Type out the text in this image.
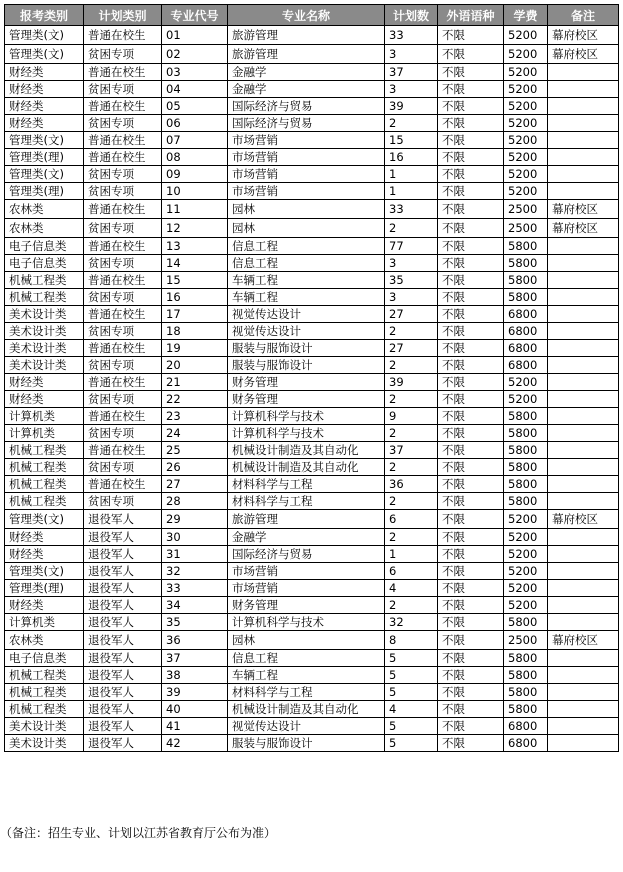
报考类别	计划类别	专业代号	专业名称	计划数	外语语种	学费	备注
管理类(文)	普通在校生	01	旅游管理	33	不限	5200	幕府校区
管理类(文)	贫困专项	02	旅游管理	3	不限	5200	幕府校区
财经类	普通在校生	03	金融学	37	不限	5200	
财经类	贫困专项	04	金融学	3	不限	5200	
财经类	普通在校生	05	国际经济与贸易	39	不限	5200	
财经类	贫困专项	06	国际经济与贸易	2	不限	5200	
管理类(文)	普通在校生	07	市场营销	15	不限	5200	
管理类(理)	普通在校生	08	市场营销	16	不限	5200	
管理类(文)	贫困专项	09	市场营销	1	不限	5200	
管理类(理)	贫困专项	10	市场营销	1	不限	5200	
农林类	普通在校生	11	园林	33	不限	2500	幕府校区
农林类	贫困专项	12	园林	2	不限	2500	幕府校区
电子信息类	普通在校生	13	信息工程	77	不限	5800	
电子信息类	贫困专项	14	信息工程	3	不限	5800	
机械工程类	普通在校生	15	车辆工程	35	不限	5800	
机械工程类	贫困专项	16	车辆工程	3	不限	5800	
美术设计类	普通在校生	17	视觉传达设计	27	不限	6800	
美术设计类	贫困专项	18	视觉传达设计	2	不限	6800	
美术设计类	普通在校生	19	服装与服饰设计	27	不限	6800	
美术设计类	贫困专项	20	服装与服饰设计	2	不限	6800	
财经类	普通在校生	21	财务管理	39	不限	5200	
财经类	贫困专项	22	财务管理	2	不限	5200	
计算机类	普通在校生	23	计算机科学与技术	9	不限	5800	
计算机类	贫困专项	24	计算机科学与技术	2	不限	5800	
机械工程类	普通在校生	25	机械设计制造及其自动化	37	不限	5800	
机械工程类	贫困专项	26	机械设计制造及其自动化	2	不限	5800	
机械工程类	普通在校生	27	材料科学与工程	36	不限	5800	
机械工程类	贫困专项	28	材料科学与工程	2	不限	5800	
管理类(文)	退役军人	29	旅游管理	6	不限	5200	幕府校区
财经类	退役军人	30	金融学	2	不限	5200	
财经类	退役军人	31	国际经济与贸易	1	不限	5200	
管理类(文)	退役军人	32	市场营销	6	不限	5200	
管理类(理)	退役军人	33	市场营销	4	不限	5200	
财经类	退役军人	34	财务管理	2	不限	5200	
计算机类	退役军人	35	计算机科学与技术	32	不限	5800	
农林类	退役军人	36	园林	8	不限	2500	幕府校区
电子信息类	退役军人	37	信息工程	5	不限	5800	
机械工程类	退役军人	38	车辆工程	5	不限	5800	
机械工程类	退役军人	39	材料科学与工程	5	不限	5800	
机械工程类	退役军人	40	机械设计制造及其自动化	4	不限	5800	
美术设计类	退役军人	41	视觉传达设计	5	不限	6800	
美术设计类	退役军人	42	服装与服饰设计	5	不限	6800	
（备注：招生专业、计划以江苏省教育厅公布为准）
